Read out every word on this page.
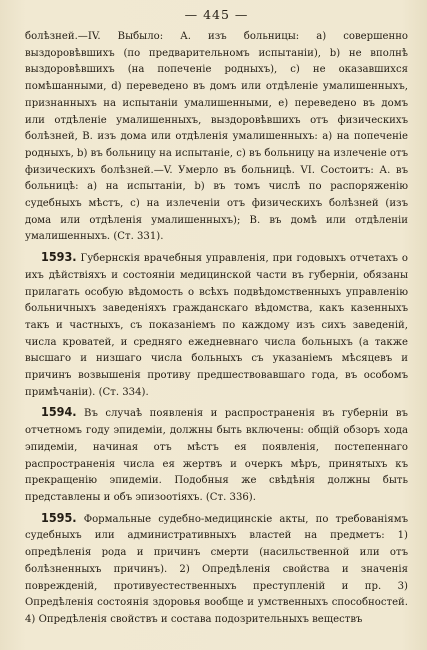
— 445 —

болѣзней.—IV. Выбыло: А. изъ больницы: a) совершенно выздоровѣвшихъ (по предварительномъ испытаніи), b) не вполнѣ выздоровѣвшихъ (на попеченіе родныхъ), c) не оказавшихся помѣшанными, d) переведено въ домъ или отдѣленіе умалишенныхъ, признанныхъ на испытаніи умалишенными, e) переведено въ домъ или отдѣленіе умалишенныхъ, выздоровѣвшихъ отъ физическихъ болѣзней, B. изъ дома или отдѣленія умалишенныхъ: a) на попеченіе родныхъ, b) въ больницу на испытаніе, c) въ больницу на излеченіе отъ физическихъ болѣзней.—V. Умерло въ больницѣ. VI. Состоитъ: А. въ больницѣ: a) на испытаніи, b) въ томъ числѣ по распоряженію судебныхъ мѣстъ, c) на излеченіи отъ физическихъ болѣзней (изъ дома или отдѣленія умалишенныхъ); B. въ домѣ или отдѣленіи умалишенныхъ. (Ст. 331).

1593. Губернскія врачебныя управленія, при годовыхъ отчетахъ о ихъ дѣйствіяхъ и состояніи медицинской части въ губерніи, обязаны прилагать особую вѣдомость о всѣхъ подвѣдомственныхъ управленію больничныхъ заведеніяхъ гражданскаго вѣдомства, какъ казенныхъ такъ и частныхъ, съ показаніемъ по каждому изъ сихъ заведеній, числа кроватей, и средняго ежедневнаго числа больныхъ (а также высшаго и низшаго числа больныхъ съ указаніемъ мѣсяцевъ и причинъ возвышенія противу предшествовавшаго года, въ особомъ примѣчаніи). (Ст. 334).

1594. Въ случаѣ появленія и распространенія въ губерніи въ отчетномъ году эпидеміи, должны быть включены: общій обзоръ хода эпидеміи, начиная отъ мѣстъ ея появленія, постепеннаго распространенія числа ея жертвъ и очеркъ мѣръ, принятыхъ къ прекращенію эпидеміи. Подобныя же свѣдѣнія должны быть представлены и объ эпизоотіяхъ. (Ст. 336).

1595. Формальные судебно-медицинскіе акты, по требованіямъ судебныхъ или административныхъ властей на предметъ: 1) опредѣленія рода и причинъ смерти (насильственной или отъ болѣзненныхъ причинъ). 2) Опредѣленія свойства и значенія поврежденій, противуестественныхъ преступленій и пр. 3) Опредѣленія состоянія здоровья вообще и умственныхъ способностей. 4) Опредѣленія свойствъ и состава подозрительныхъ веществъ
